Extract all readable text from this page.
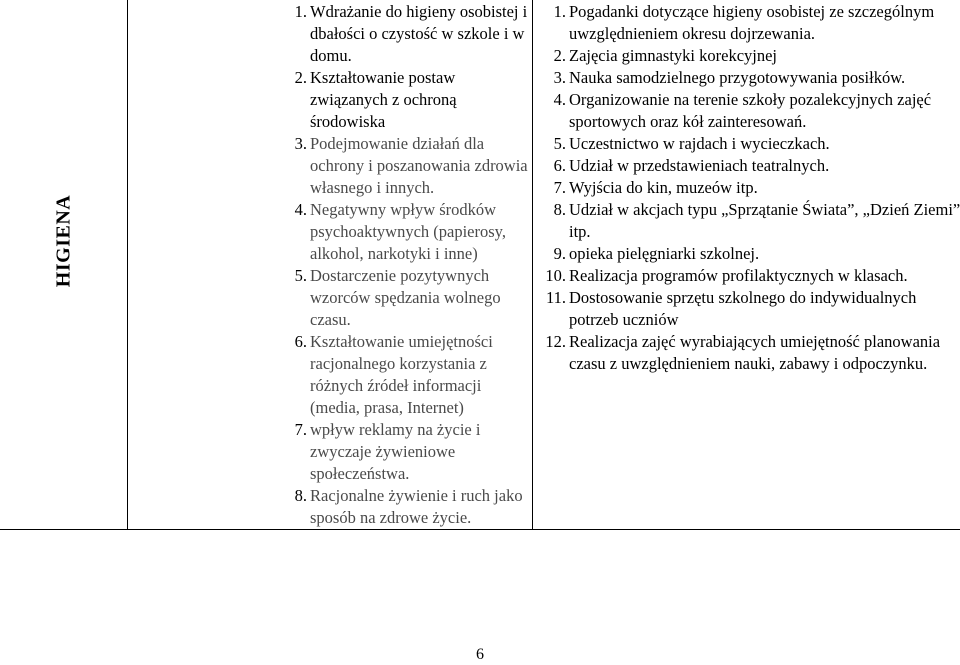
HIGIENA

1. Wdrażanie do higieny osobistej i dbałości o czystość w szkole i w domu.
2. Kształtowanie postaw związanych z ochroną środowiska
3. Podejmowanie działań dla ochrony i poszanowania zdrowia własnego i innych.
4. Negatywny wpływ środków psychoaktywnych (papierosy, alkohol, narkotyki i inne)
5. Dostarczenie pozytywnych wzorców spędzania wolnego czasu.
6. Kształtowanie umiejętności racjonalnego korzystania z różnych źródeł informacji (media, prasa, Internet)
7. wpływ reklamy na życie i zwyczaje żywieniowe społeczeństwa.
8. Racjonalne żywienie i ruch jako sposób na zdrowe życie.

1. Pogadanki dotyczące higieny osobistej ze szczególnym uwzględnieniem okresu dojrzewania.
2. Zajęcia gimnastyki korekcyjnej
3. Nauka samodzielnego przygotowywania posiłków.
4. Organizowanie na terenie szkoły pozalekcyjnych zajęć sportowych oraz kół zainteresowań.
5. Uczestnictwo w rajdach i wycieczkach.
6. Udział w przedstawieniach teatralnych.
7. Wyjścia do kin, muzeów itp.
8. Udział w akcjach typu „Sprzątanie Świata”, „Dzień Ziemi” itp.
9. opieka pielęgniarki szkolnej.
10. Realizacja programów profilaktycznych w klasach.
11. Dostosowanie sprzętu szkolnego do indywidualnych potrzeb uczniów
12. Realizacja zajęć wyrabiających umiejętność planowania czasu z uwzględnieniem nauki, zabawy i odpoczynku.
6
